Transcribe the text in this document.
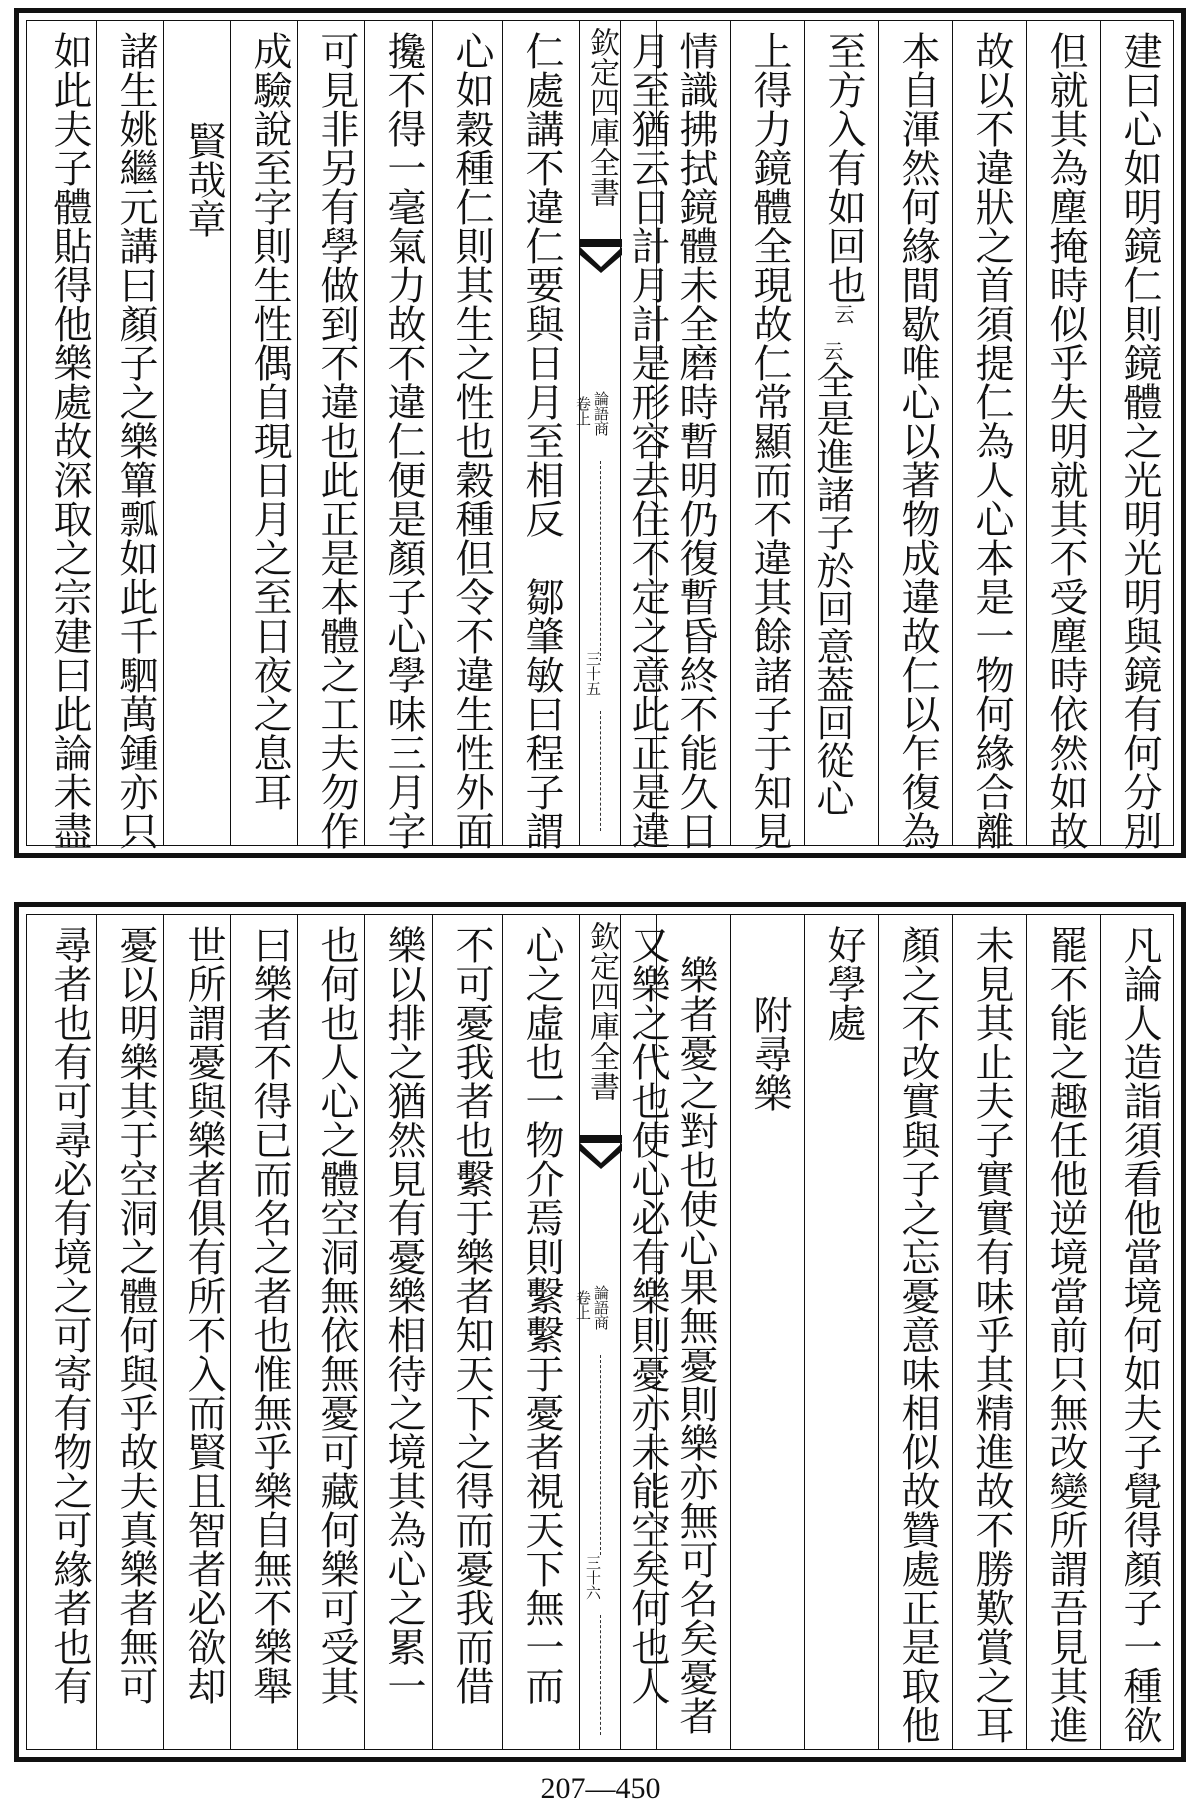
建曰心如明鏡仁則鏡體之光明光明與鏡有何分別
但就其為塵掩時似乎失明就其不受塵時依然如故
故以不違狀之首須提仁為人心本是一物何緣合離
本自渾然何緣間歇唯心以著物成違故仁以乍復為
至方入有如回也云
云全是進諸子於回意葢回從心
上得力鏡體全現故仁常顯而不違其餘諸子于知見
情識拂拭鏡體未全磨時暫明仍復暫昏終不能久日
月至猶云日計月計是形容去住不定之意此正是違
欽定四庫全書
論語商
卷上
三十五
仁處講不違仁要與日月至相反　鄒肇敏曰程子謂
心如穀種仁則其生之性也穀種但令不違生性外面
攙不得一毫氣力故不違仁便是顏子心學味三月字
可見非另有學做到不違也此正是本體之工夫勿作
成驗說至字則生性偶自現日月之至日夜之息耳
賢哉章
諸生姚繼元講曰顏子之樂簞瓢如此千駟萬鍾亦只
如此夫子體貼得他樂處故深取之宗建曰此論未盡
凡論人造詣須看他當境何如夫子覺得顏子一種欲
罷不能之趣任他逆境當前只無改變所謂吾見其進
未見其止夫子實實有味乎其精進故不勝歎賞之耳
顏之不改實與子之忘憂意味相似故贊處正是取他
好學處
附尋樂
樂者憂之對也使心果無憂則樂亦無可名矣憂者
又樂之代也使心必有樂則憂亦未能空矣何也人
欽定四庫全書
論語商
卷上
三十六
心之虛也一物介焉則繫繫于憂者視天下無一而
不可憂我者也繫于樂者知天下之得而憂我而借
樂以排之猶然見有憂樂相待之境其為心之累一
也何也人心之體空洞無依無憂可藏何樂可受其
曰樂者不得已而名之者也惟無乎樂自無不樂舉
世所謂憂與樂者俱有所不入而賢且智者必欲却
憂以明樂其于空洞之體何與乎故夫真樂者無可
尋者也有可尋必有境之可寄有物之可緣者也有
207—450
